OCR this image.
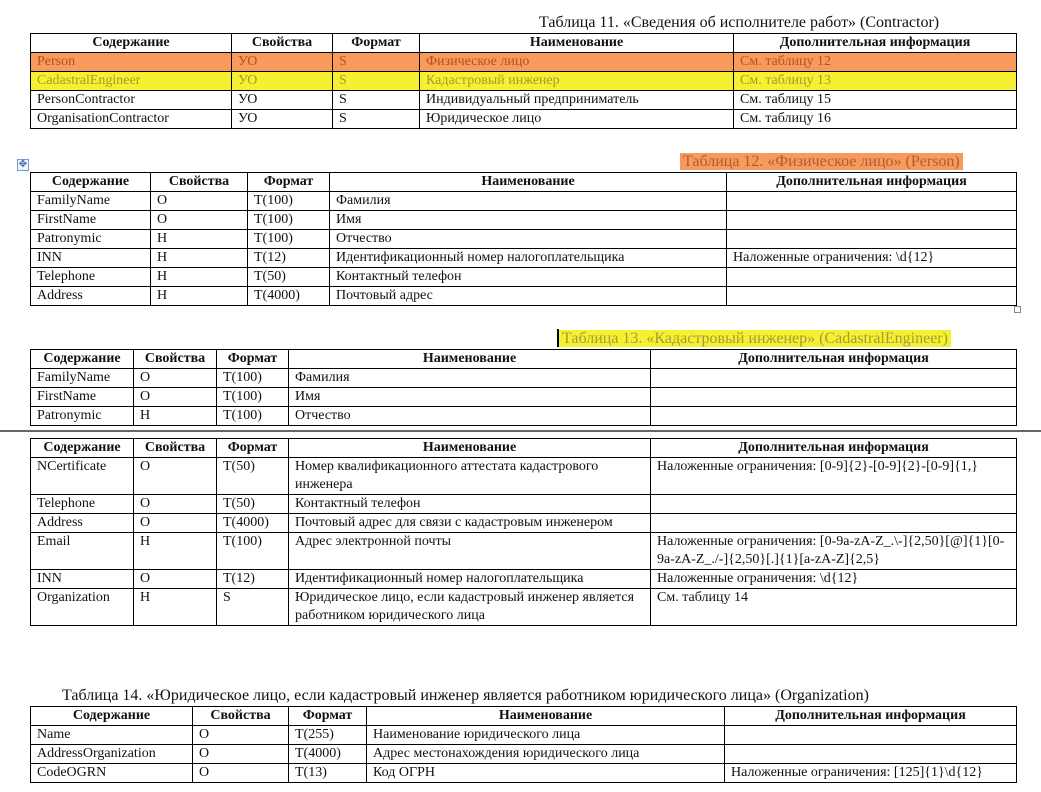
Таблица 11. «Сведения об исполнителе работ» (Contractor)
Содержание	Свойства	Формат	Наименование	Дополнительная информация
Person	УО	S	Физическое лицо	См. таблицу 12
CadastralEngineer	УО	S	Кадастровый инженер	См. таблицу 13
PersonContractor	УО	S	Индивидуальный предприниматель	См. таблицу 15
OrganisationContractor	УО	S	Юридическое лицо	См. таблицу 16
✥	Таблица 12. «Физическое лицо» (Person)
Содержание	Свойства	Формат	Наименование	Дополнительная информация
FamilyName	О	T(100)	Фамилия	
FirstName	О	T(100)	Имя	
Patronymic	Н	T(100)	Отчество	
INN	Н	T(12)	Идентификационный номер налогоплательщика	Наложенные ограничения: \d{12}
Telephone	Н	T(50)	Контактный телефон	
Address	Н	T(4000)	Почтовый адрес	
Таблица 13. «Кадастровый инженер» (CadastralEngineer)
Содержание	Свойства	Формат	Наименование	Дополнительная информация
FamilyName	О	T(100)	Фамилия	
FirstName	О	T(100)	Имя	
Patronymic	Н	T(100)	Отчество	
Содержание	Свойства	Формат	Наименование	Дополнительная информация
NCertificate	О	T(50)	Номер квалификационного аттестата кадастрового инженера	Наложенные ограничения: [0-9]{2}-[0-9]{2}-[0-9]{1,}
Telephone	О	T(50)	Контактный телефон	
Address	О	T(4000)	Почтовый адрес для связи с кадастровым инженером	
Email	Н	T(100)	Адрес электронной почты	Наложенные ограничения: [0-9a-zA-Z_.\-]{2,50}[@]{1}[0-9a-zA-Z_./-]{2,50}[.]{1}[a-zA-Z]{2,5}
INN	О	T(12)	Идентификационный номер налогоплательщика	Наложенные ограничения: \d{12}
Organization	Н	S	Юридическое лицо, если кадастровый инженер является работником юридического лица	См. таблицу 14
Таблица 14. «Юридическое лицо, если кадастровый инженер является работником юридического лица» (Organization)
Содержание	Свойства	Формат	Наименование	Дополнительная информация
Name	О	T(255)	Наименование юридического лица	
AddressOrganization	О	T(4000)	Адрес местонахождения юридического лица	
CodeOGRN	О	T(13)	Код ОГРН	Наложенные ограничения: [125]{1}\d{12}
